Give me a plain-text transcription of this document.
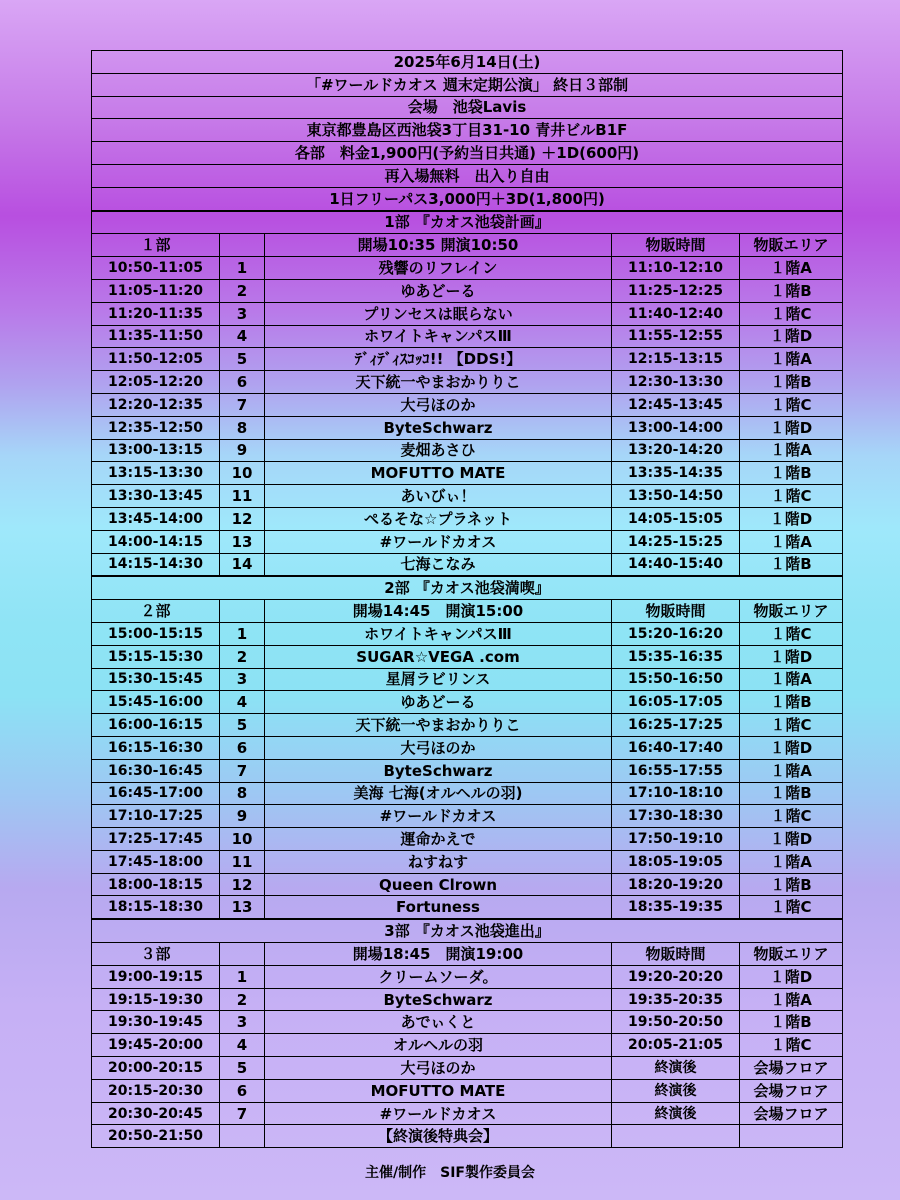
2025年6月14日(土)				
「#ワールドカオス 週末定期公演」 終日３部制				
会場　池袋Lavis				
東京都豊島区西池袋3丁目31-10 青井ビルB1F				
各部　料金1,900円(予約当日共通) ＋1D(600円)				
再入場無料　出入り自由				
1日フリーパス3,000円＋3D(1,800円)				
1部 『カオス池袋計画』				
１部		開場10:35 開演10:50	物販時間	物販エリア
10:50-11:05	1	残響のリフレイン	11:10-12:10	１階A
11:05-11:20	2	ゆあどーる	11:25-12:25	１階B
11:20-11:35	3	プリンセスは眠らない	11:40-12:40	１階C
11:35-11:50	4	ホワイトキャンパスⅢ	11:55-12:55	１階D
11:50-12:05	5	ﾃﾞｨﾃﾞｨｽｺｯｺ!! 【DDS!】	12:15-13:15	１階A
12:05-12:20	6	天下統一やまおかりりこ	12:30-13:30	１階B
12:20-12:35	7	大弓ほのか	12:45-13:45	１階C
12:35-12:50	8	ByteSchwarz	13:00-14:00	１階D
13:00-13:15	9	麦畑あさひ	13:20-14:20	１階A
13:15-13:30	10	MOFUTTO MATE	13:35-14:35	１階B
13:30-13:45	11	あいびぃ！	13:50-14:50	１階C
13:45-14:00	12	ぺるそな☆プラネット	14:05-15:05	１階D
14:00-14:15	13	#ワールドカオス	14:25-15:25	１階A
14:15-14:30	14	七海こなみ	14:40-15:40	１階B
2部 『カオス池袋満喫』				
２部		開場14:45　開演15:00	物販時間	物販エリア
15:00-15:15	1	ホワイトキャンパスⅢ	15:20-16:20	１階C
15:15-15:30	2	SUGAR☆VEGA .com	15:35-16:35	１階D
15:30-15:45	3	星屑ラビリンス	15:50-16:50	１階A
15:45-16:00	4	ゆあどーる	16:05-17:05	１階B
16:00-16:15	5	天下統一やまおかりりこ	16:25-17:25	１階C
16:15-16:30	6	大弓ほのか	16:40-17:40	１階D
16:30-16:45	7	ByteSchwarz	16:55-17:55	１階A
16:45-17:00	8	美海 七海(オルヘルの羽)	17:10-18:10	１階B
17:10-17:25	9	#ワールドカオス	17:30-18:30	１階C
17:25-17:45	10	運命かえで	17:50-19:10	１階D
17:45-18:00	11	ねすねす	18:05-19:05	１階A
18:00-18:15	12	Queen Clrown	18:20-19:20	１階B
18:15-18:30	13	Fortuness	18:35-19:35	１階C
3部 『カオス池袋進出』				
３部		開場18:45　開演19:00	物販時間	物販エリア
19:00-19:15	1	クリームソーダ。	19:20-20:20	１階D
19:15-19:30	2	ByteSchwarz	19:35-20:35	１階A
19:30-19:45	3	あでぃくと	19:50-20:50	１階B
19:45-20:00	4	オルヘルの羽	20:05-21:05	１階C
20:00-20:15	5	大弓ほのか	終演後	会場フロア
20:15-20:30	6	MOFUTTO MATE	終演後	会場フロア
20:30-20:45	7	#ワールドカオス	終演後	会場フロア
20:50-21:50		【終演後特典会】		
主催/制作　SIF製作委員会
